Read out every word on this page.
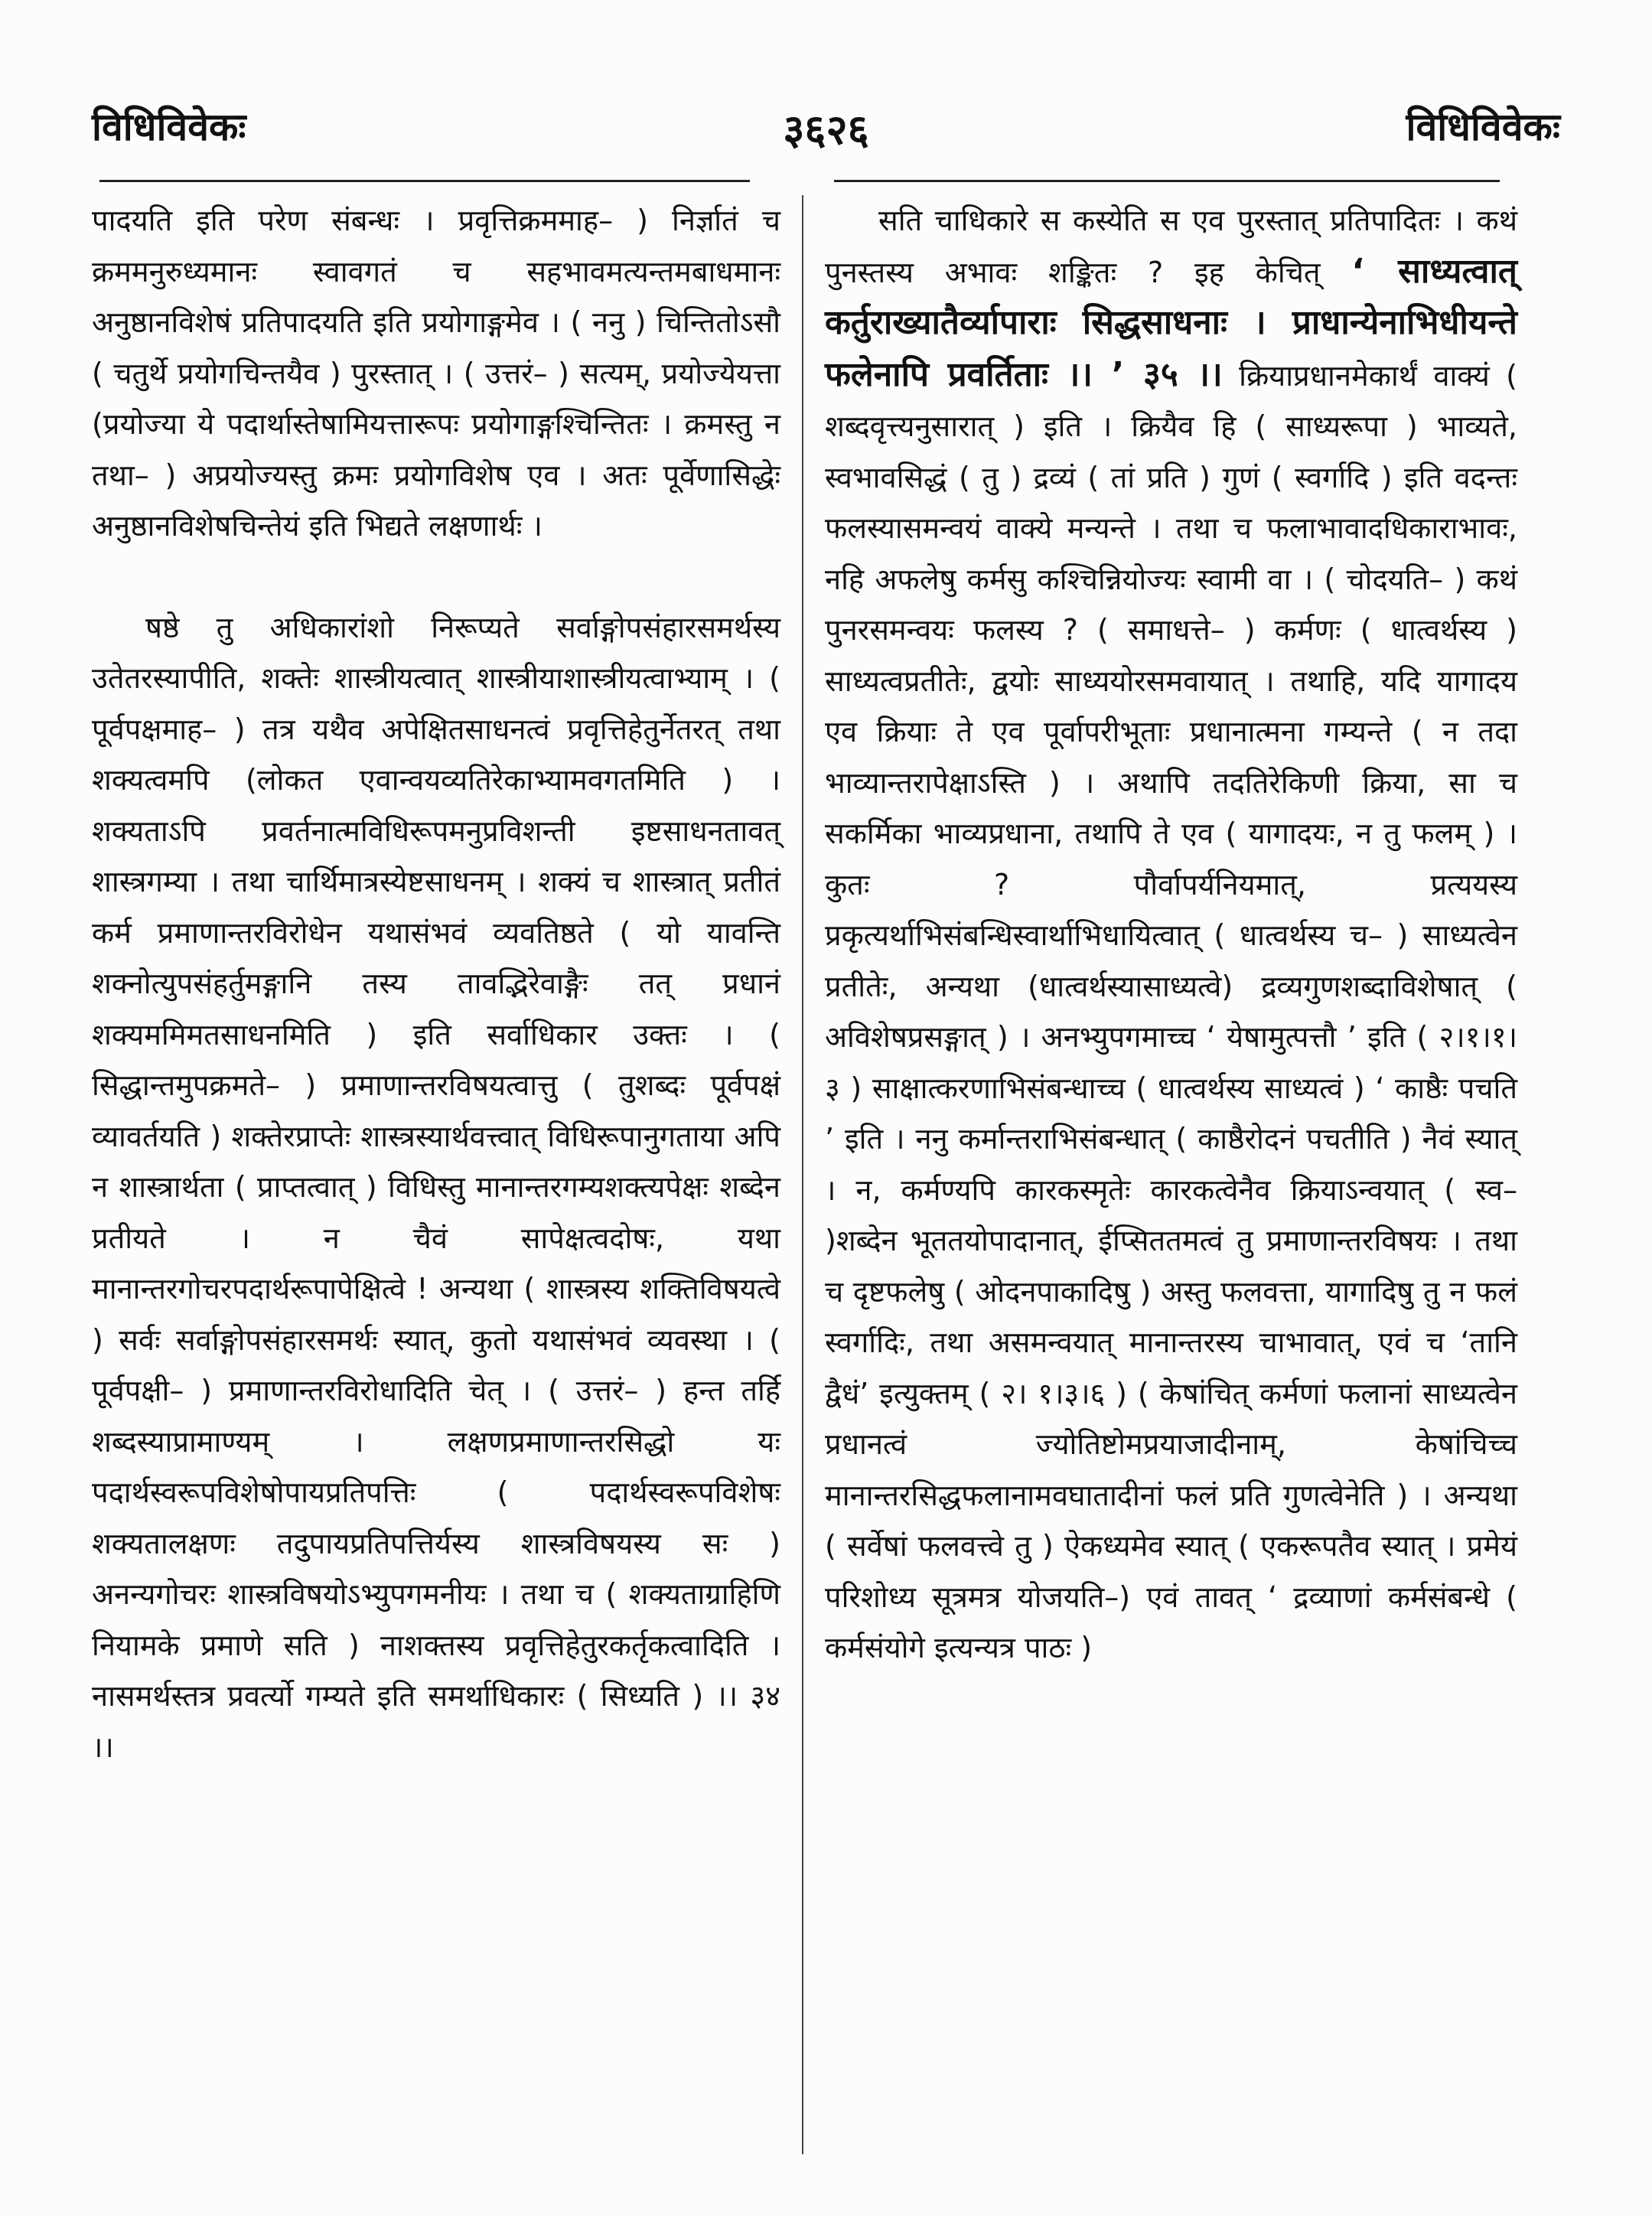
विधिविवेकः	३६२६	विधिविवेकः

पादयति इति परेण संबन्धः । प्रवृत्तिक्रममाह– ) निर्ज्ञातं च क्रममनुरुध्यमानः स्वावगतं च सहभावमत्यन्तमबाधमानः अनुष्ठानविशेषं प्रतिपादयति इति प्रयोगाङ्गमेव । ( ननु ) चिन्तितोऽसौ ( चतुर्थे प्रयोगचिन्तयैव ) पुरस्तात् । ( उत्तरं– ) सत्यम्, प्रयोज्येयत्ता (प्रयोज्या ये पदार्थास्तेषामियत्तारूपः प्रयोगाङ्गश्चिन्तितः । क्रमस्तु न तथा– ) अप्रयोज्यस्तु क्रमः प्रयोगविशेष एव । अतः पूर्वेणासिद्धेः अनुष्ठानविशेषचिन्तेयं इति भिद्यते लक्षणार्थः ।

षष्ठे तु अधिकारांशो निरूप्यते सर्वाङ्गोपसंहारसमर्थस्य उतेतरस्यापीति, शक्तेः शास्त्रीयत्वात् शास्त्रीयाशास्त्रीयत्वाभ्याम् । ( पूर्वपक्षमाह– ) तत्र यथैव अपेक्षितसाधनत्वं प्रवृत्तिहेतुर्नेतरत् तथा शक्यत्वमपि (लोकत एवान्वयव्यतिरेकाभ्यामवगतमिति ) । शक्यताऽपि प्रवर्तनात्मविधिरूपमनुप्रविशन्ती इष्टसाधनतावत् शास्त्रगम्या । तथा चार्थिमात्रस्येष्टसाधनम् । शक्यं च शास्त्रात् प्रतीतं कर्म प्रमाणान्तरविरोधेन यथासंभवं व्यवतिष्ठते ( यो यावन्ति शक्नोत्युपसंहर्तुमङ्गानि तस्य तावद्भिरेवाङ्गैः तत् प्रधानं शक्यममिमतसाधनमिति ) इति सर्वाधिकार उक्तः । ( सिद्धान्तमुपक्रमते– ) प्रमाणान्तरविषयत्वात्तु ( तुशब्दः पूर्वपक्षं व्यावर्तयति ) शक्तेरप्राप्तेः शास्त्रस्यार्थवत्त्वात् विधिरूपानुगताया अपि न शास्त्रार्थता ( प्राप्तत्वात् ) विधिस्तु मानान्तरगम्यशक्त्यपेक्षः शब्देन प्रतीयते । न चैवं सापेक्षत्वदोषः, यथा मानान्तरगोचरपदार्थरूपापेक्षित्वे ! अन्यथा ( शास्त्रस्य शक्तिविषयत्वे ) सर्वः सर्वाङ्गोपसंहारसमर्थः स्यात्, कुतो यथासंभवं व्यवस्था । ( पूर्वपक्षी– ) प्रमाणान्तरविरोधादिति चेत् । ( उत्तरं– ) हन्त तर्हि शब्दस्याप्रामाण्यम् । लक्षणप्रमाणान्तरसिद्धो यः पदार्थस्वरूपविशेषोपायप्रतिपत्तिः ( पदार्थस्वरूपविशेषः शक्यतालक्षणः तदुपायप्रतिपत्तिर्यस्य शास्त्रविषयस्य सः ) अनन्यगोचरः शास्त्रविषयोऽभ्युपगमनीयः । तथा च ( शक्यताग्राहिणि नियामके प्रमाणे सति ) नाशक्तस्य प्रवृत्तिहेतुरकर्तृकत्वादिति । नासमर्थस्तत्र प्रवर्त्यो गम्यते इति समर्थाधिकारः ( सिध्यति ) ।। ३४ ।।

सति चाधिकारे स कस्येति स एव पुरस्तात् प्रतिपादितः । कथं पुनस्तस्य अभावः शङ्कितः ? इह केचित् ‘ साध्यत्वात् कर्तुराख्यातैर्व्यापाराः सिद्धसाधनाः । प्राधान्येनाभिधीयन्ते फलेनापि प्रवर्तिताः ।। ’ ३५ ।। क्रियाप्रधानमेकार्थं वाक्यं ( शब्दवृत्त्यनुसारात् ) इति । क्रियैव हि ( साध्यरूपा ) भाव्यते, स्वभावसिद्धं ( तु ) द्रव्यं ( तां प्रति ) गुणं ( स्वर्गादि ) इति वदन्तः फलस्यासमन्वयं वाक्ये मन्यन्ते । तथा च फलाभावादधिकाराभावः, नहि अफलेषु कर्मसु कश्चिन्नियोज्यः स्वामी वा । ( चोदयति– ) कथं पुनरसमन्वयः फलस्य ? ( समाधत्ते– ) कर्मणः ( धात्वर्थस्य ) साध्यत्वप्रतीतेः, द्वयोः साध्ययोरसमवायात् । तथाहि, यदि यागादय एव क्रियाः ते एव पूर्वापरीभूताः प्रधानात्मना गम्यन्ते ( न तदा भाव्यान्तरापेक्षाऽस्ति ) । अथापि तदतिरेकिणी क्रिया, सा च सकर्मिका भाव्यप्रधाना, तथापि ते एव ( यागादयः, न तु फलम् ) । कुतः ? पौर्वापर्यनियमात्, प्रत्ययस्य प्रकृत्यर्थाभिसंबन्धिस्वार्थाभिधायित्वात् ( धात्वर्थस्य च– ) साध्यत्वेन प्रतीतेः, अन्यथा (धात्वर्थस्यासाध्यत्वे) द्रव्यगुणशब्दाविशेषात् ( अविशेषप्रसङ्गात् ) । अनभ्युपगमाच्च ‘ येषामुत्पत्तौ ’ इति ( २।१।१।३ ) साक्षात्करणाभिसंबन्धाच्च ( धात्वर्थस्य साध्यत्वं ) ‘ काष्ठैः पचति ’ इति । ननु कर्मान्तराभिसंबन्धात् ( काष्ठैरोदनं पचतीति ) नैवं स्यात् । न, कर्मण्यपि कारकस्मृतेः कारकत्वेनैव क्रियाऽन्वयात् ( स्व– )शब्देन भूततयोपादानात्, ईप्सिततमत्वं तु प्रमाणान्तरविषयः । तथा च दृष्टफलेषु ( ओदनपाकादिषु ) अस्तु फलवत्ता, यागादिषु तु न फलं स्वर्गादिः, तथा असमन्वयात् मानान्तरस्य चाभावात्, एवं च ‘तानि द्वैधं’ इत्युक्तम् ( २। १।३।६ ) ( केषांचित् कर्मणां फलानां साध्यत्वेन प्रधानत्वं ज्योतिष्टोमप्रयाजादीनाम्, केषांचिच्च मानान्तरसिद्धफलानामवघातादीनां फलं प्रति गुणत्वेनेति ) । अन्यथा ( सर्वेषां फलवत्त्वे तु ) ऐकध्यमेव स्यात् ( एकरूपतैव स्यात् । प्रमेयं परिशोध्य सूत्रमत्र योजयति–) एवं तावत् ‘ द्रव्याणां कर्मसंबन्धे ( कर्मसंयोगे इत्यन्यत्र पाठः )
